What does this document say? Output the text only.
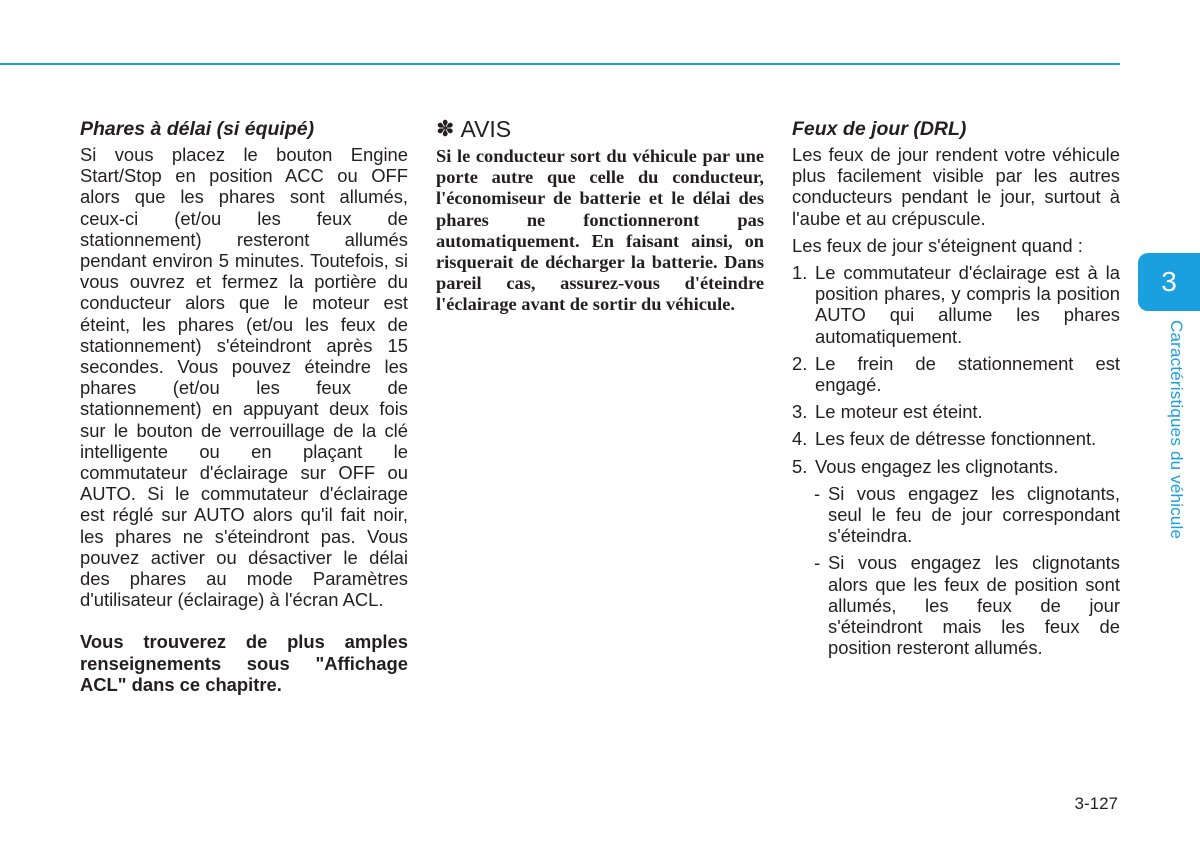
Phares à délai (si équipé)

Si vous placez le bouton Engine Start/Stop en position ACC ou OFF alors que les phares sont allumés, ceux-ci (et/ou les feux de stationnement) resteront allumés pendant environ 5 minutes. Toutefois, si vous ouvrez et fermez la portière du conducteur alors que le moteur est éteint, les phares (et/ou les feux de stationnement) s'éteindront après 15 secondes. Vous pouvez éteindre les phares (et/ou les feux de stationnement) en appuyant deux fois sur le bouton de verrouillage de la clé intelligente ou en plaçant le commutateur d'éclairage sur OFF ou AUTO. Si le commutateur d'éclairage est réglé sur AUTO alors qu'il fait noir, les phares ne s'éteindront pas. Vous pouvez activer ou désactiver le délai des phares au mode Paramètres d'utilisateur (éclairage) à l'écran ACL.

Vous trouverez de plus amples renseignements sous "Affichage ACL" dans ce chapitre.

✽ AVIS

Si le conducteur sort du véhicule par une porte autre que celle du conducteur, l'économiseur de batterie et le délai des phares ne fonctionneront pas automatiquement. En faisant ainsi, on risquerait de décharger la batterie. Dans pareil cas, assurez-vous d'éteindre l'éclairage avant de sortir du véhicule.

Feux de jour (DRL)

Les feux de jour rendent votre véhicule plus facilement visible par les autres conducteurs pendant le jour, surtout à l'aube et au crépuscule.

Les feux de jour s'éteignent quand :

1. Le commutateur d'éclairage est à la position phares, y compris la position AUTO qui allume les phares automatiquement.
2. Le frein de stationnement est engagé.
3. Le moteur est éteint.
4. Les feux de détresse fonctionnent.
5. Vous engagez les clignotants.
- Si vous engagez les clignotants, seul le feu de jour correspondant s'éteindra.
- Si vous engagez les clignotants alors que les feux de position sont allumés, les feux de jour s'éteindront mais les feux de position resteront allumés.
3
Caractéristiques du véhicule
3-127
